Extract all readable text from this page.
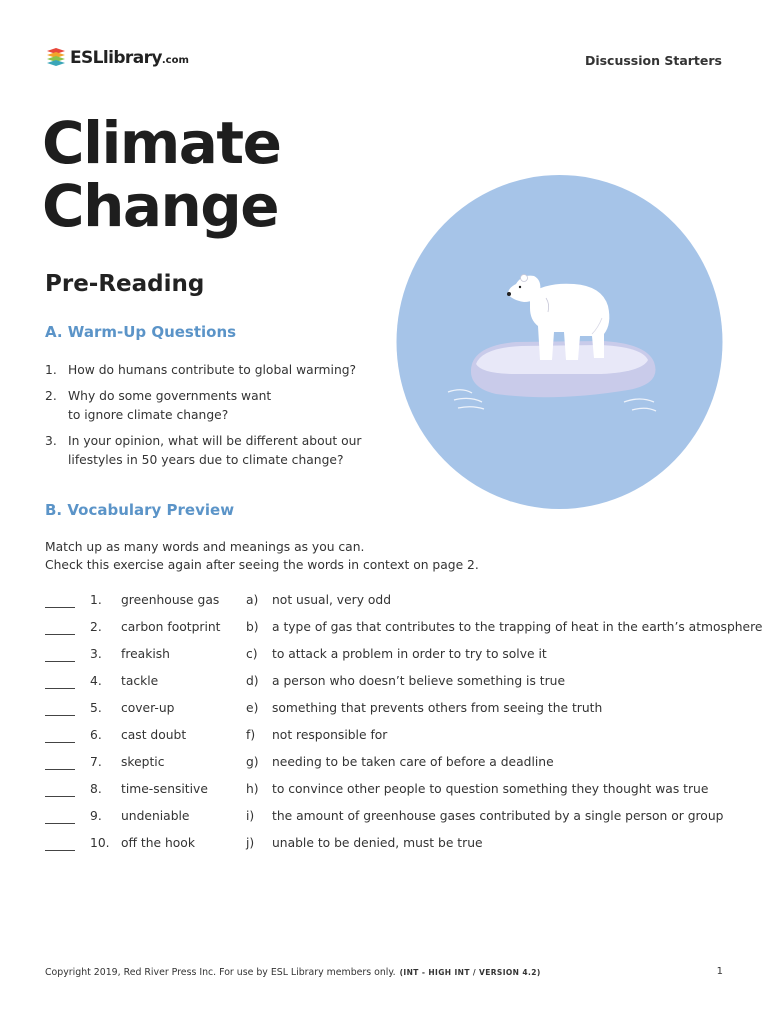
ESLlibrary.com	Discussion Starters
Climate
Change
Pre-Reading
A. Warm-Up Questions
1. How do humans contribute to global warming?
2. Why do some governments want
to ignore climate change?
3. In your opinion, what will be different about our
lifestyles in 50 years due to climate change?
B. Vocabulary Preview
Match up as many words and meanings as you can.
Check this exercise again after seeing the words in context on page 2.
1. greenhouse gas a) not usual, very odd
2. carbon footprint b) a type of gas that contributes to the trapping of heat in the earth’s atmosphere
3. freakish	c) to attack a problem in order to try to solve it
4. tackle	d) a person who doesn’t believe something is true
5. cover-up	e) something that prevents others from seeing the truth
6. cast doubt	f) not responsible for
7. skeptic	g) needing to be taken care of before a deadline
8. time-sensitive	h) to convince other people to question something they thought was true
9. undeniable	i) the amount of greenhouse gases contributed by a single person or group
10. off the hook	j) unable to be denied, must be true
Copyright 2019, Red River Press Inc. For use by ESL Library members only. (INT - HIGH INT / VERSION 4.2)	1
